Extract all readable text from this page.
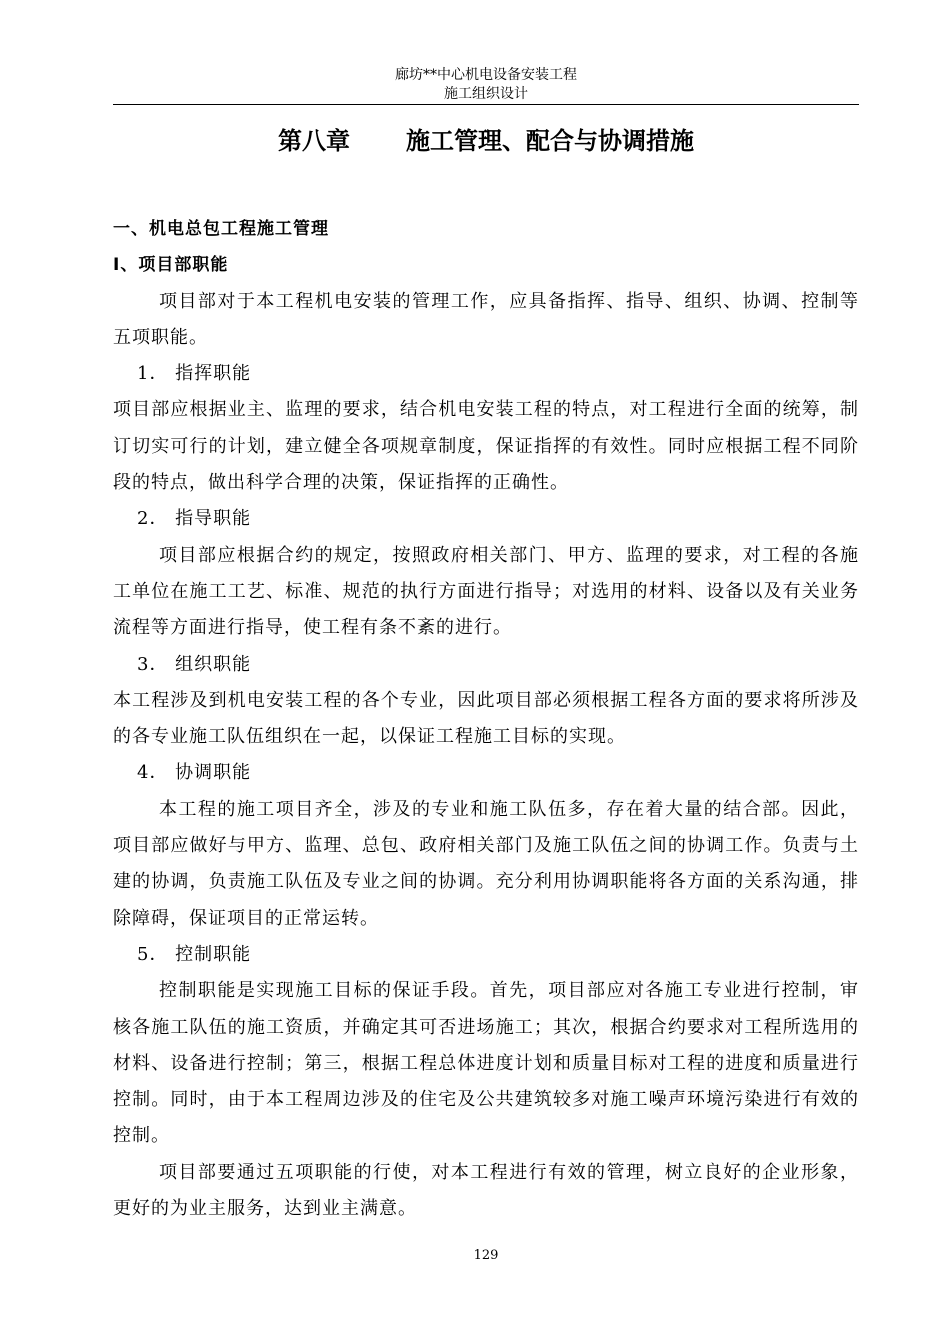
廊坊**中心机电设备安装工程
施工组织设计
第八章 施工管理、配合与协调措施

一、机电总包工程施工管理

Ⅰ、项目部职能

项目部对于本工程机电安装的管理工作，应具备指挥、指导、组织、协调、控制等五项职能。

1． 指挥职能

项目部应根据业主、监理的要求，结合机电安装工程的特点，对工程进行全面的统筹，制订切实可行的计划，建立健全各项规章制度，保证指挥的有效性。同时应根据工程不同阶段的特点，做出科学合理的决策，保证指挥的正确性。

2． 指导职能

项目部应根据合约的规定，按照政府相关部门、甲方、监理的要求，对工程的各施工单位在施工工艺、标准、规范的执行方面进行指导；对选用的材料、设备以及有关业务流程等方面进行指导，使工程有条不紊的进行。

3． 组织职能

本工程涉及到机电安装工程的各个专业，因此项目部必须根据工程各方面的要求将所涉及的各专业施工队伍组织在一起，以保证工程施工目标的实现。

4． 协调职能

本工程的施工项目齐全，涉及的专业和施工队伍多，存在着大量的结合部。因此，项目部应做好与甲方、监理、总包、政府相关部门及施工队伍之间的协调工作。负责与土建的协调，负责施工队伍及专业之间的协调。充分利用协调职能将各方面的关系沟通，排除障碍，保证项目的正常运转。

5． 控制职能

控制职能是实现施工目标的保证手段。首先，项目部应对各施工专业进行控制，审核各施工队伍的施工资质，并确定其可否进场施工；其次，根据合约要求对工程所选用的材料、设备进行控制；第三，根据工程总体进度计划和质量目标对工程的进度和质量进行控制。同时，由于本工程周边涉及的住宅及公共建筑较多对施工噪声环境污染进行有效的控制。

项目部要通过五项职能的行使，对本工程进行有效的管理，树立良好的企业形象，更好的为业主服务，达到业主满意。

129
